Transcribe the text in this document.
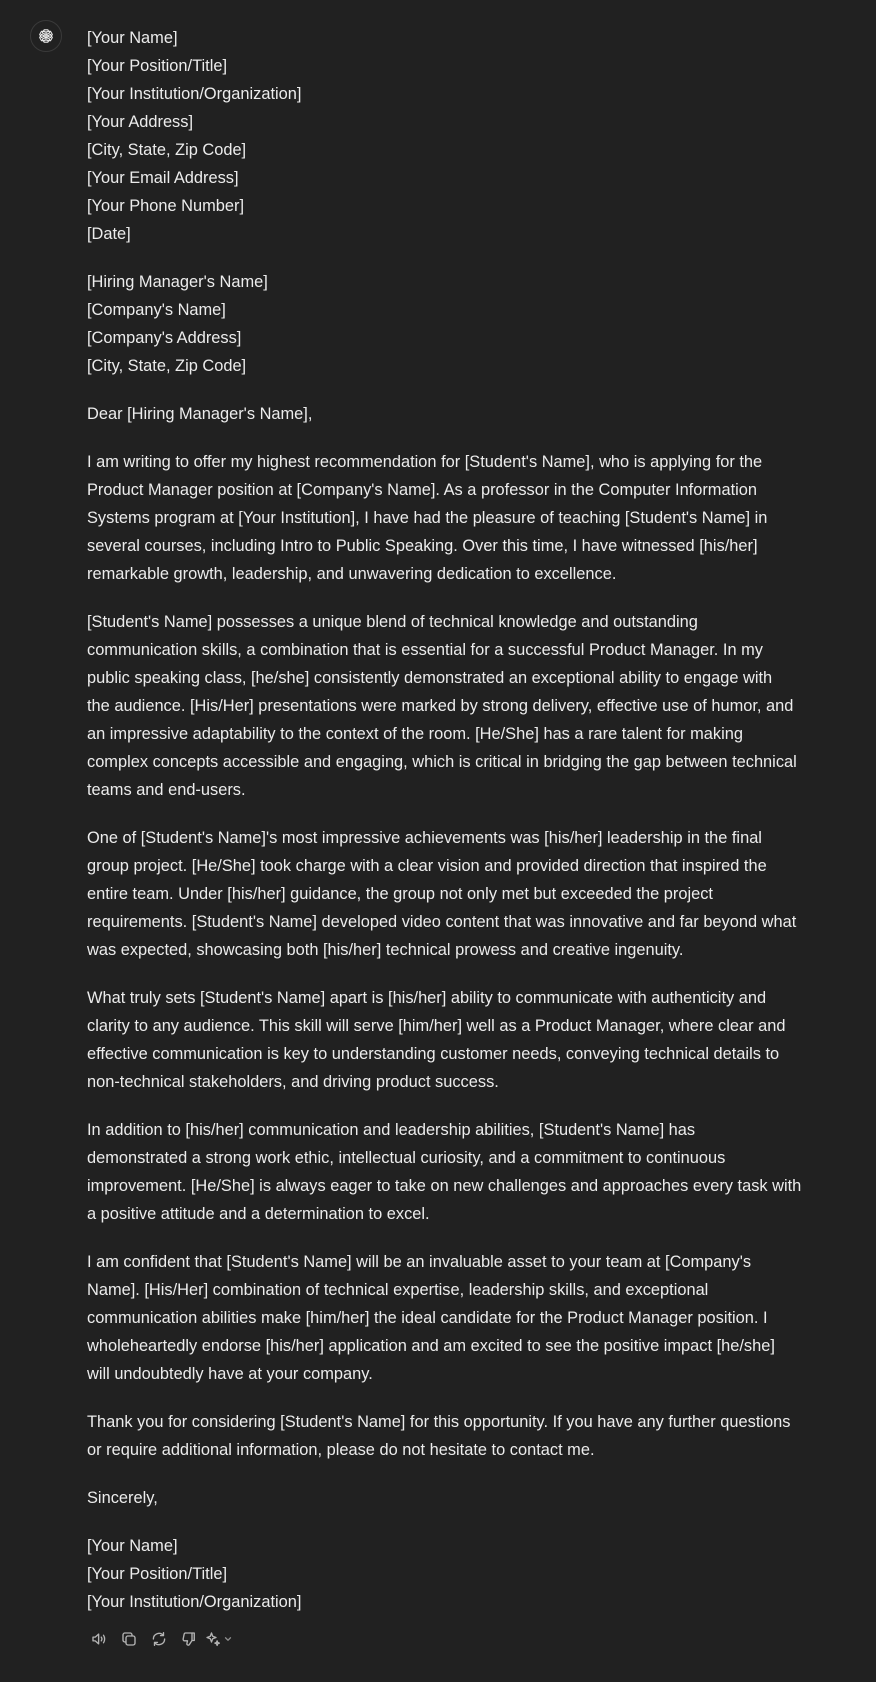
[Your Name]
[Your Position/Title]
[Your Institution/Organization]
[Your Address]
[City, State, Zip Code]
[Your Email Address]
[Your Phone Number]
[Date]
[Hiring Manager's Name]
[Company's Name]
[Company's Address]
[City, State, Zip Code]

Dear [Hiring Manager's Name],

I am writing to offer my highest recommendation for [Student's Name], who is applying for the
Product Manager position at [Company's Name]. As a professor in the Computer Information
Systems program at [Your Institution], I have had the pleasure of teaching [Student's Name] in
several courses, including Intro to Public Speaking. Over this time, I have witnessed [his/her]
remarkable growth, leadership, and unwavering dedication to excellence.

[Student's Name] possesses a unique blend of technical knowledge and outstanding
communication skills, a combination that is essential for a successful Product Manager. In my
public speaking class, [he/she] consistently demonstrated an exceptional ability to engage with
the audience. [His/Her] presentations were marked by strong delivery, effective use of humor, and
an impressive adaptability to the context of the room. [He/She] has a rare talent for making
complex concepts accessible and engaging, which is critical in bridging the gap between technical
teams and end-users.

One of [Student's Name]'s most impressive achievements was [his/her] leadership in the final
group project. [He/She] took charge with a clear vision and provided direction that inspired the
entire team. Under [his/her] guidance, the group not only met but exceeded the project
requirements. [Student's Name] developed video content that was innovative and far beyond what
was expected, showcasing both [his/her] technical prowess and creative ingenuity.

What truly sets [Student's Name] apart is [his/her] ability to communicate with authenticity and
clarity to any audience. This skill will serve [him/her] well as a Product Manager, where clear and
effective communication is key to understanding customer needs, conveying technical details to
non-technical stakeholders, and driving product success.

In addition to [his/her] communication and leadership abilities, [Student's Name] has
demonstrated a strong work ethic, intellectual curiosity, and a commitment to continuous
improvement. [He/She] is always eager to take on new challenges and approaches every task with
a positive attitude and a determination to excel.

I am confident that [Student's Name] will be an invaluable asset to your team at [Company's
Name]. [His/Her] combination of technical expertise, leadership skills, and exceptional
communication abilities make [him/her] the ideal candidate for the Product Manager position. I
wholeheartedly endorse [his/her] application and am excited to see the positive impact [he/she]
will undoubtedly have at your company.

Thank you for considering [Student's Name] for this opportunity. If you have any further questions
or require additional information, please do not hesitate to contact me.

Sincerely,

[Your Name]
[Your Position/Title]
[Your Institution/Organization]
